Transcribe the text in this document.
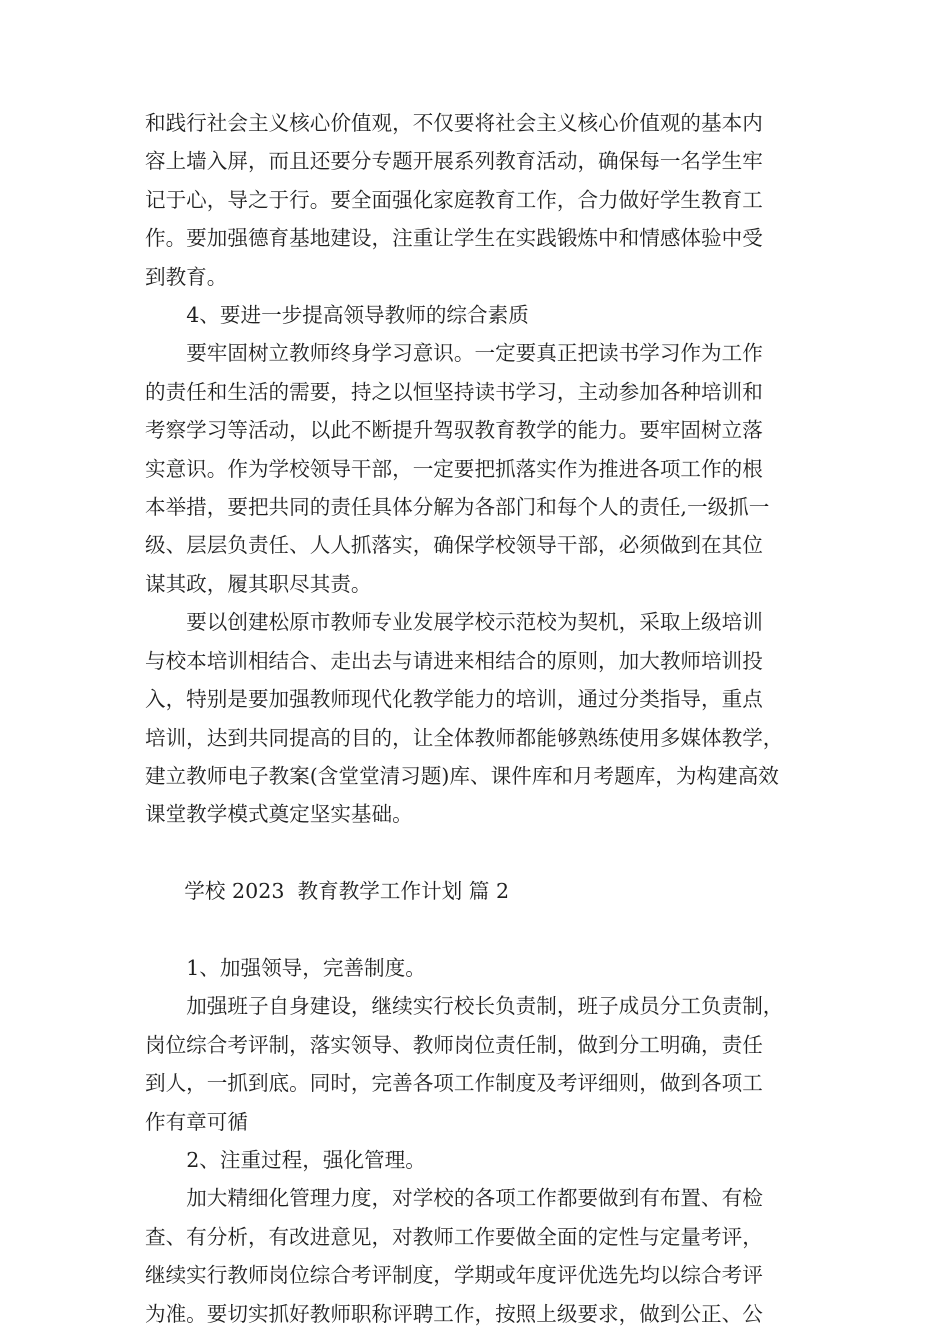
和践行社会主义核心价值观，不仅要将社会主义核心价值观的基本内
容上墙入屏，而且还要分专题开展系列教育活动，确保每一名学生牢
记于心，导之于行。要全面强化家庭教育工作，合力做好学生教育工
作。要加强德育基地建设，注重让学生在实践锻炼中和情感体验中受
到教育。

4、要进一步提高领导教师的综合素质

要牢固树立教师终身学习意识。一定要真正把读书学习作为工作
的责任和生活的需要，持之以恒坚持读书学习，主动参加各种培训和
考察学习等活动，以此不断提升驾驭教育教学的能力。要牢固树立落
实意识。作为学校领导干部，一定要把抓落实作为推进各项工作的根
本举措，要把共同的责任具体分解为各部门和每个人的责任,一级抓一
级、层层负责任、人人抓落实，确保学校领导干部，必须做到在其位
谋其政，履其职尽其责。

要以创建松原市教师专业发展学校示范校为契机，采取上级培训
与校本培训相结合、走出去与请进来相结合的原则，加大教师培训投
入，特别是要加强教师现代化教学能力的培训，通过分类指导，重点
培训，达到共同提高的目的，让全体教师都能够熟练使用多媒体教学，
建立教师电子教案(含堂堂清习题)库、课件库和月考题库，为构建高效
课堂教学模式奠定坚实基础。

学校 2023  教育教学工作计划 篇 2

1、加强领导，完善制度。

加强班子自身建设，继续实行校长负责制，班子成员分工负责制，
岗位综合考评制，落实领导、教师岗位责任制，做到分工明确，责任
到人，一抓到底。同时，完善各项工作制度及考评细则，做到各项工
作有章可循

2、注重过程，强化管理。

加大精细化管理力度，对学校的各项工作都要做到有布置、有检
查、有分析，有改进意见，对教师工作要做全面的定性与定量考评，
继续实行教师岗位综合考评制度，学期或年度评优选先均以综合考评
为准。要切实抓好教师职称评聘工作，按照上级要求，做到公正、公
